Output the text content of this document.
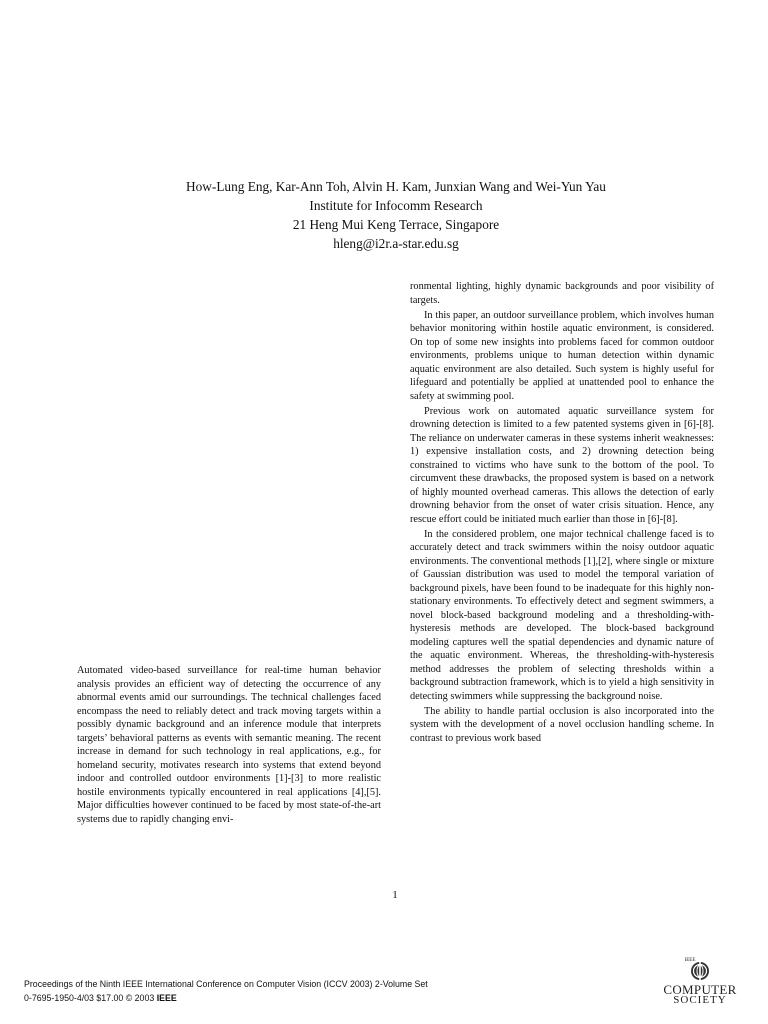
How-Lung Eng, Kar-Ann Toh, Alvin H. Kam, Junxian Wang and Wei-Yun Yau
Institute for Infocomm Research
21 Heng Mui Keng Terrace, Singapore
hleng@i2r.a-star.edu.sg

Automated video-based surveillance for real-time human behavior analysis provides an efficient way of detecting the occurrence of any abnormal events amid our surroundings. The technical challenges faced encompass the need to reliably detect and track moving targets within a possibly dynamic background and an inference module that interprets targets’ behavioral patterns as events with semantic meaning. The recent increase in demand for such technology in real applications, e.g., for homeland security, motivates research into systems that extend beyond indoor and controlled outdoor environments [1]-[3] to more realistic hostile environments typically encountered in real applications [4],[5]. Major difficulties however continued to be faced by most state-of-the-art systems due to rapidly changing envi-

ronmental lighting, highly dynamic backgrounds and poor visibility of targets.

In this paper, an outdoor surveillance problem, which involves human behavior monitoring within hostile aquatic environment, is considered. On top of some new insights into problems faced for common outdoor environments, problems unique to human detection within dynamic aquatic environment are also detailed. Such system is highly useful for lifeguard and potentially be applied at unattended pool to enhance the safety at swimming pool.

Previous work on automated aquatic surveillance system for drowning detection is limited to a few patented systems given in [6]-[8]. The reliance on underwater cameras in these systems inherit weaknesses: 1) expensive installation costs, and 2) drowning detection being constrained to victims who have sunk to the bottom of the pool. To circumvent these drawbacks, the proposed system is based on a network of highly mounted overhead cameras. This allows the detection of early drowning behavior from the onset of water crisis situation. Hence, any rescue effort could be initiated much earlier than those in [6]-[8].

In the considered problem, one major technical challenge faced is to accurately detect and track swimmers within the noisy outdoor aquatic environments. The conventional methods [1],[2], where single or mixture of Gaussian distribution was used to model the temporal variation of background pixels, have been found to be inadequate for this highly non-stationary environments. To effectively detect and segment swimmers, a novel block-based background modeling and a thresholding-with-hysteresis methods are developed. The block-based background modeling captures well the spatial dependencies and dynamic nature of the aquatic environment. Whereas, the thresholding-with-hysteresis method addresses the problem of selecting thresholds within a background subtraction framework, which is to yield a high sensitivity in detecting swimmers while suppressing the background noise.

The ability to handle partial occlusion is also incorporated into the system with the development of a novel occlusion handling scheme. In contrast to previous work based

1
Proceedings of the Ninth IEEE International Conference on Computer Vision (ICCV 2003) 2-Volume Set
0-7695-1950-4/03 $17.00 © 2003 IEEE
IEEE
COMPUTER
SOCIETY
